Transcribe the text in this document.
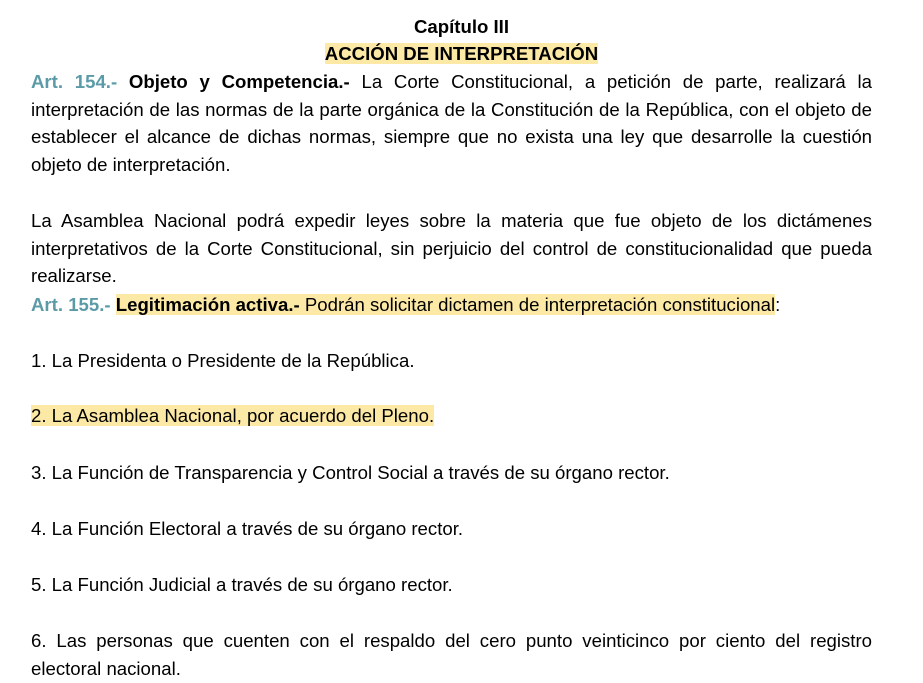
Capítulo III
ACCIÓN DE INTERPRETACIÓN
Art. 154.- Objeto y Competencia.- La Corte Constitucional, a petición de parte, realizará la interpretación de las normas de la parte orgánica de la Constitución de la República, con el objeto de establecer el alcance de dichas normas, siempre que no exista una ley que desarrolle la cuestión objeto de interpretación.
La Asamblea Nacional podrá expedir leyes sobre la materia que fue objeto de los dictámenes interpretativos de la Corte Constitucional, sin perjuicio del control de constitucionalidad que pueda realizarse.
Art. 155.- Legitimación activa.- Podrán solicitar dictamen de interpretación constitucional:
1. La Presidenta o Presidente de la República.
2. La Asamblea Nacional, por acuerdo del Pleno.
3. La Función de Transparencia y Control Social a través de su órgano rector.
4. La Función Electoral a través de su órgano rector.
5. La Función Judicial a través de su órgano rector.
6. Las personas que cuenten con el respaldo del cero punto veinticinco por ciento del registro electoral nacional.
